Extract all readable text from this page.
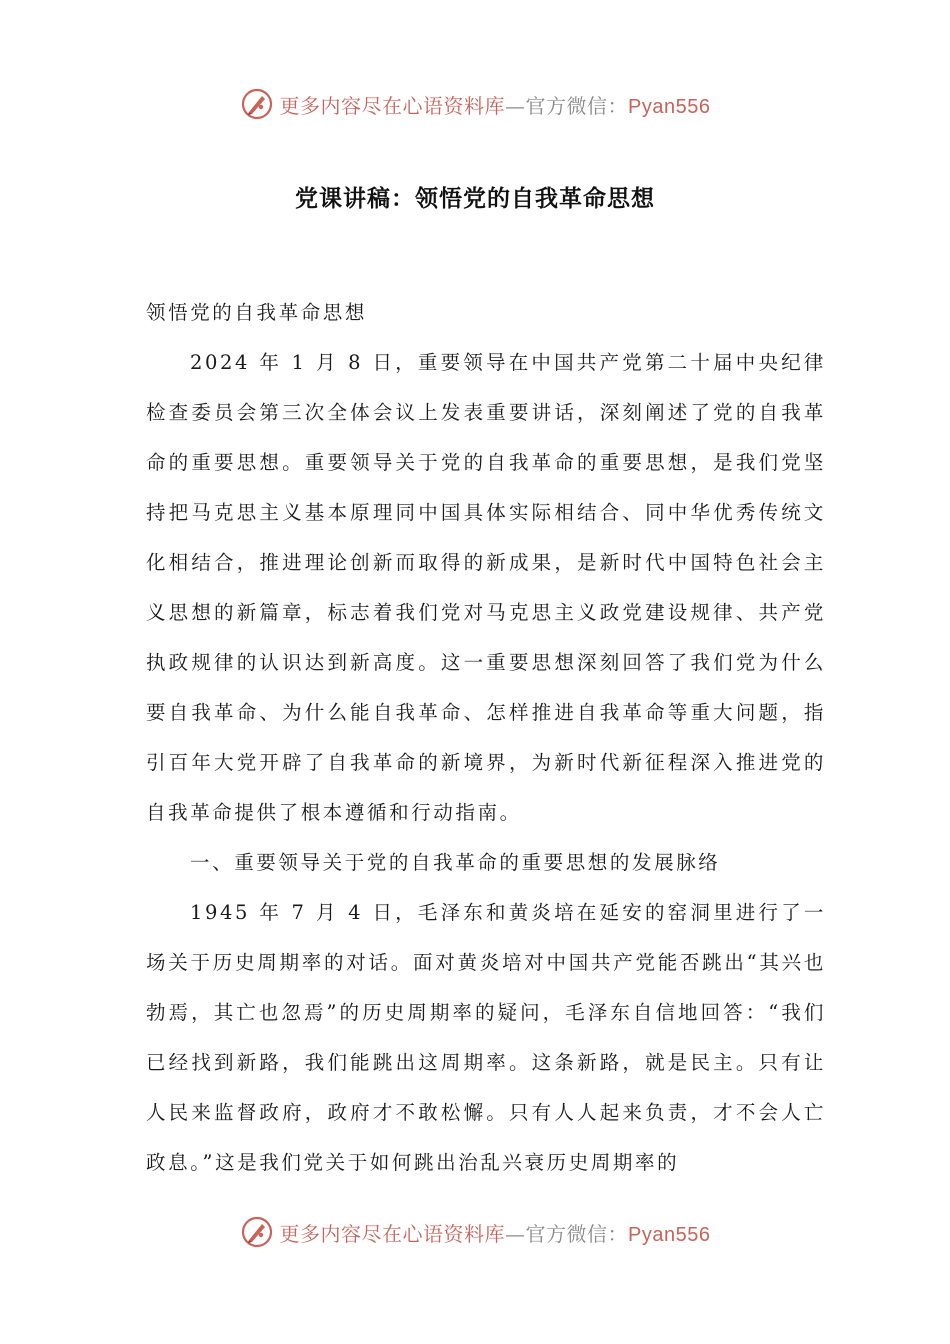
更多内容尽在心语资料库—官方微信：Pyan556
党课讲稿：领悟党的自我革命思想

领悟党的自我革命思想

2024 年 1 月 8 日，重要领导在中国共产党第二十届中央纪律检查委员会第三次全体会议上发表重要讲话，深刻阐述了党的自我革命的重要思想。重要领导关于党的自我革命的重要思想，是我们党坚持把马克思主义基本原理同中国具体实际相结合、同中华优秀传统文化相结合，推进理论创新而取得的新成果，是新时代中国特色社会主义思想的新篇章，标志着我们党对马克思主义政党建设规律、共产党执政规律的认识达到新高度。这一重要思想深刻回答了我们党为什么要自我革命、为什么能自我革命、怎样推进自我革命等重大问题，指引百年大党开辟了自我革命的新境界，为新时代新征程深入推进党的自我革命提供了根本遵循和行动指南。

一、重要领导关于党的自我革命的重要思想的发展脉络

1945 年 7 月 4 日，毛泽东和黄炎培在延安的窑洞里进行了一场关于历史周期率的对话。面对黄炎培对中国共产党能否跳出“其兴也勃焉，其亡也忽焉”的历史周期率的疑问，毛泽东自信地回答：“我们已经找到新路，我们能跳出这周期率。这条新路，就是民主。只有让人民来监督政府，政府才不敢松懈。只有人人起来负责，才不会人亡政息。”这是我们党关于如何跳出治乱兴衰历史周期率的

更多内容尽在心语资料库—官方微信：Pyan556
